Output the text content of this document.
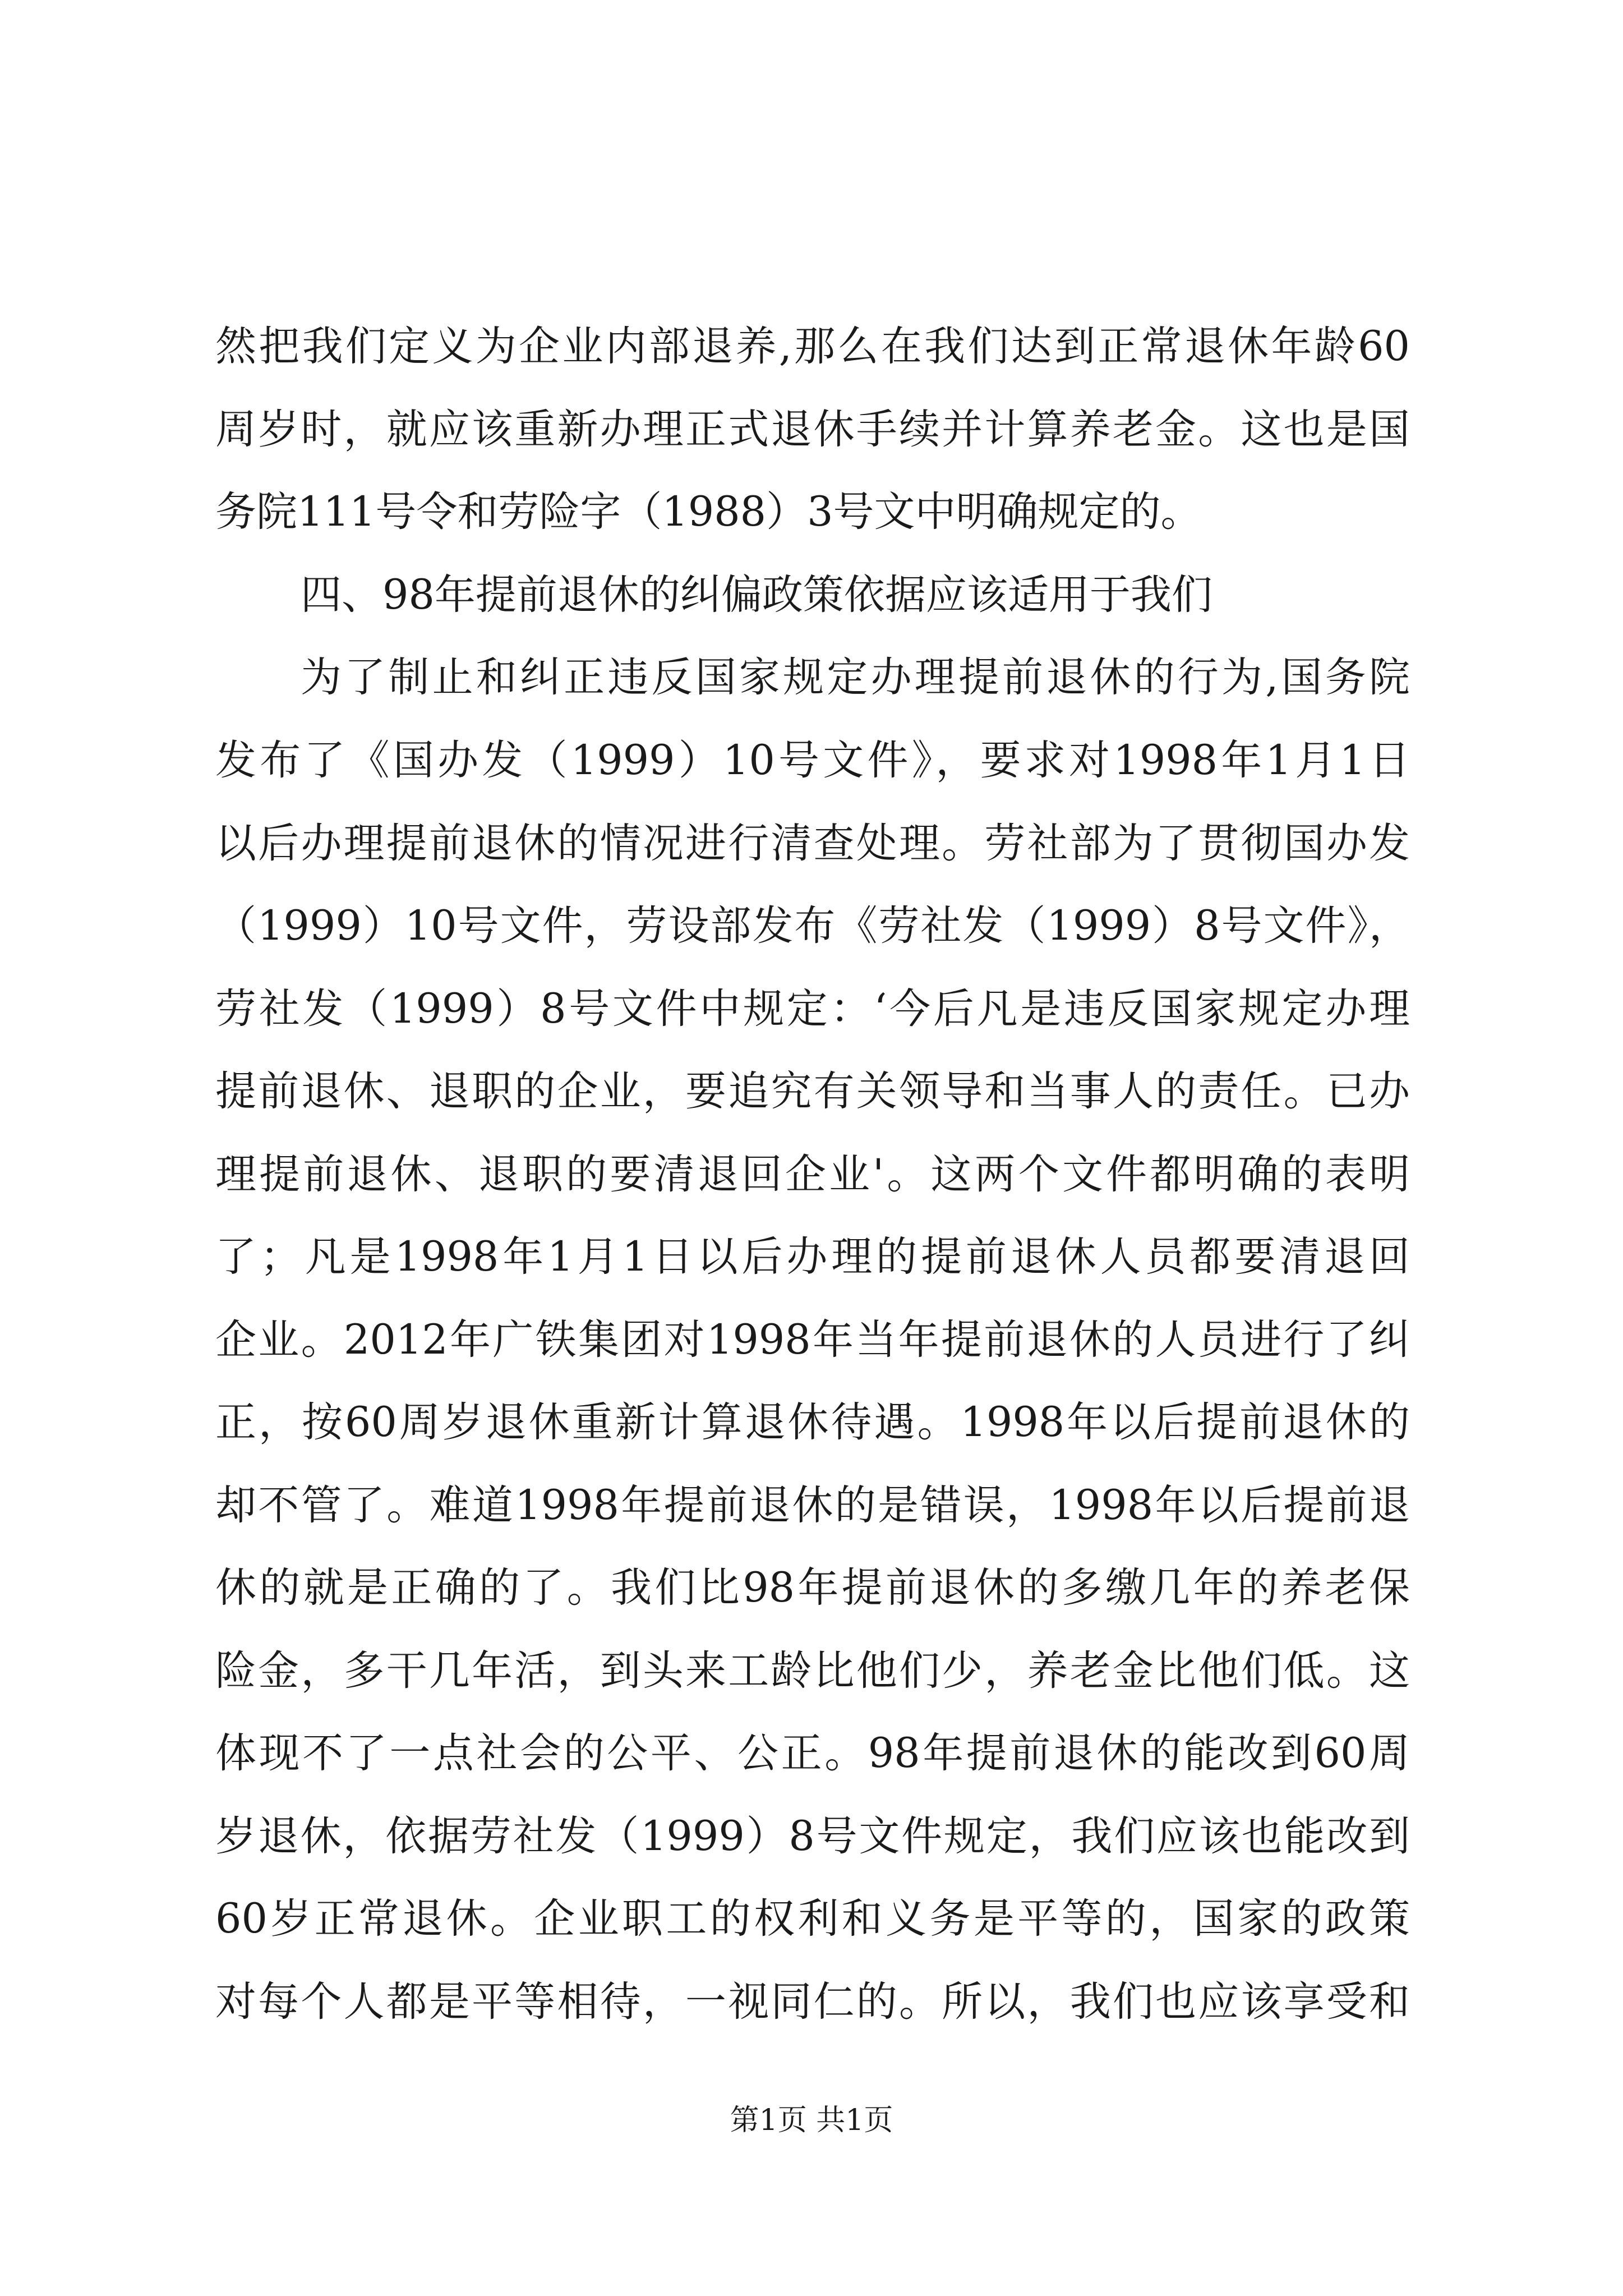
然把我们定义为企业内部退养,那么在我们达到正常退休年龄60
周岁时，就应该重新办理正式退休手续并计算养老金。这也是国
务院111号令和劳险字（1988）3号文中明确规定的。
四、98年提前退休的纠偏政策依据应该适用于我们
为了制止和纠正违反国家规定办理提前退休的行为,国务院
发布了《国办发（1999）10号文件》，要求对1998年1月1日
以后办理提前退休的情况进行清查处理。劳社部为了贯彻国办发
（1999）10号文件，劳设部发布《劳社发（1999）8号文件》，
劳社发（1999）8号文件中规定：‘今后凡是违反国家规定办理
提前退休、退职的企业，要追究有关领导和当事人的责任。已办
理提前退休、退职的要清退回企业'。这两个文件都明确的表明
了；凡是1998年1月1日以后办理的提前退休人员都要清退回
企业。2012年广铁集团对1998年当年提前退休的人员进行了纠
正，按60周岁退休重新计算退休待遇。1998年以后提前退休的
却不管了。难道1998年提前退休的是错误，1998年以后提前退
休的就是正确的了。我们比98年提前退休的多缴几年的养老保
险金，多干几年活，到头来工龄比他们少，养老金比他们低。这
体现不了一点社会的公平、公正。98年提前退休的能改到60周
岁退休，依据劳社发（1999）8号文件规定，我们应该也能改到
60岁正常退休。企业职工的权利和义务是平等的，国家的政策
对每个人都是平等相待，一视同仁的。所以，我们也应该享受和
第1页 共1页
